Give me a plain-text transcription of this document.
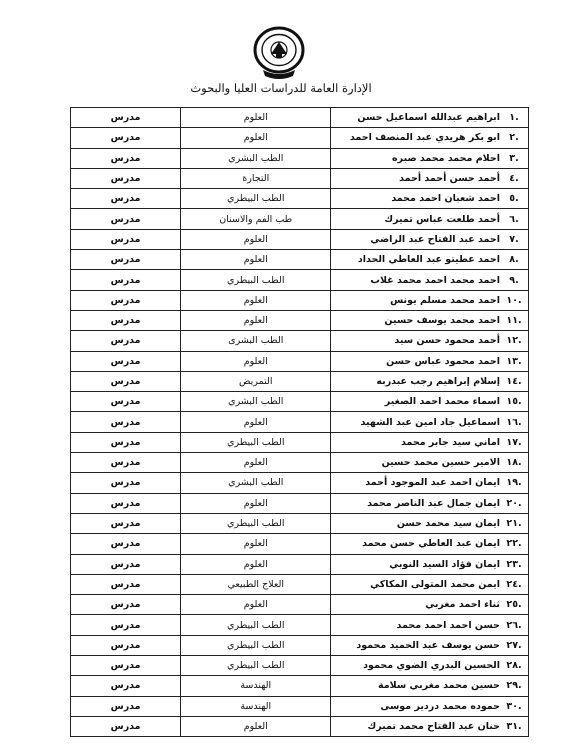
الإدارة العامة للدراسات العليا والبحوث
.١ابراهيم عبدالله اسماعيل حسن	العلوم	مدرس
.٢ابو بكر هريدي عبد المنصف احمد	العلوم	مدرس
.٣احلام محمد محمد صبره	الطب البشري	مدرس
.٤أحمد حسن أحمد أحمد	التجارة	مدرس
.٥احمد شعبان احمد محمد	الطب البيطري	مدرس
.٦أحمد طلعت عباس تميرك	طب الفم والاسنان	مدرس
.٧احمد عبد الفتاح عبد الراضي	العلوم	مدرس
.٨احمد عطيتو عبد العاطي الحداد	العلوم	مدرس
.٩احمد محمد احمد محمد غلاب	الطب البيطري	مدرس
.١٠احمد محمد مسلم يونس	العلوم	مدرس
.١١احمد محمد يوسف حسين	العلوم	مدرس
.١٢أحمد محمود حسن سيد	الطب البشرى	مدرس
.١٣احمد محمود عباس حسن	العلوم	مدرس
.١٤إسلام إبراهيم رجب عبدربه	التمريض	مدرس
.١٥اسماء محمد احمد الصغير	الطب البشري	مدرس
.١٦اسماعيل جاد امين عبد الشهيد	العلوم	مدرس
.١٧اماني سيد جابر محمد	الطب البيطري	مدرس
.١٨الامير حسين محمد حسين	العلوم	مدرس
.١٩ايمان احمد عبد الموجود أحمد	الطب البشري	مدرس
.٢٠ايمان جمال عبد الناصر محمد	العلوم	مدرس
.٢١ايمان سيد محمد حسن	الطب البيطري	مدرس
.٢٢ايمان عبد العاطي حسن محمد	العلوم	مدرس
.٢٣ايمان فؤاد السيد النوبي	العلوم	مدرس
.٢٤ايمن محمد المتولى المكاكي	العلاج الطبيعي	مدرس
.٢٥ثناء احمد مغربي	العلوم	مدرس
.٢٦حسن احمد احمد محمد	الطب البيطري	مدرس
.٢٧حسن يوسف عبد الحميد محمود	الطب البيطري	مدرس
.٢٨الحسين البدري الضوي محمود	الطب البيطري	مدرس
.٢٩حسين محمد مغربي سلامة	الهندسة	مدرس
.٣٠حموده محمد دردير موسى	الهندسة	مدرس
.٣١حنان عبد الفتاح محمد تميرك	العلوم	مدرس
